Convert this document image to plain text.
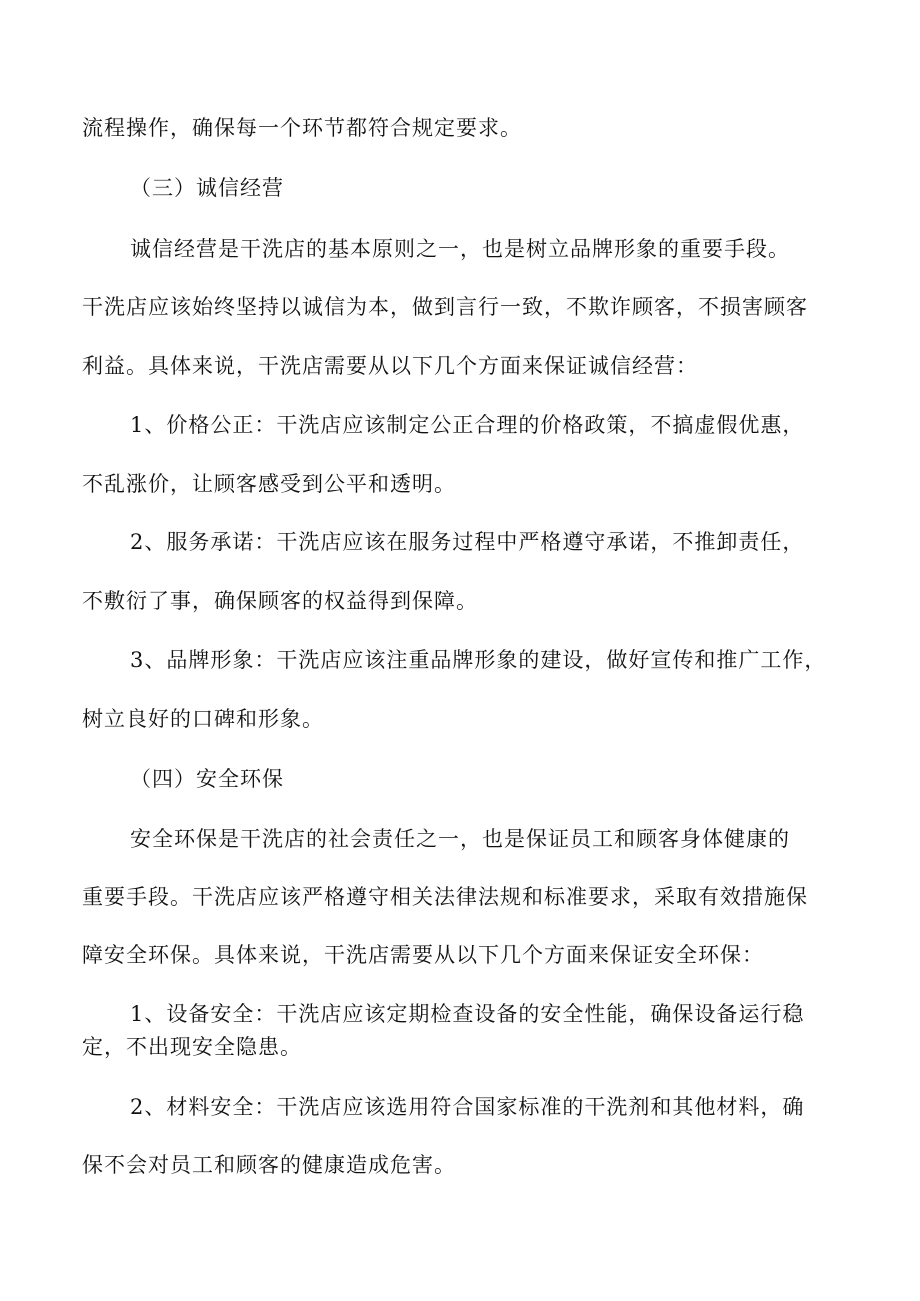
流程操作，确保每一个环节都符合规定要求。
（三）诚信经营
诚信经营是干洗店的基本原则之一，也是树立品牌形象的重要手段。
干洗店应该始终坚持以诚信为本，做到言行一致，不欺诈顾客，不损害顾客
利益。具体来说，干洗店需要从以下几个方面来保证诚信经营：
1、价格公正：干洗店应该制定公正合理的价格政策，不搞虚假优惠，
不乱涨价，让顾客感受到公平和透明。
2、服务承诺：干洗店应该在服务过程中严格遵守承诺，不推卸责任，
不敷衍了事，确保顾客的权益得到保障。
3、品牌形象：干洗店应该注重品牌形象的建设，做好宣传和推广工作，
树立良好的口碑和形象。
（四）安全环保
安全环保是干洗店的社会责任之一，也是保证员工和顾客身体健康的
重要手段。干洗店应该严格遵守相关法律法规和标准要求，采取有效措施保
障安全环保。具体来说，干洗店需要从以下几个方面来保证安全环保：
1、设备安全：干洗店应该定期检查设备的安全性能，确保设备运行稳
定，不出现安全隐患。
2、材料安全：干洗店应该选用符合国家标准的干洗剂和其他材料，确
保不会对员工和顾客的健康造成危害。
